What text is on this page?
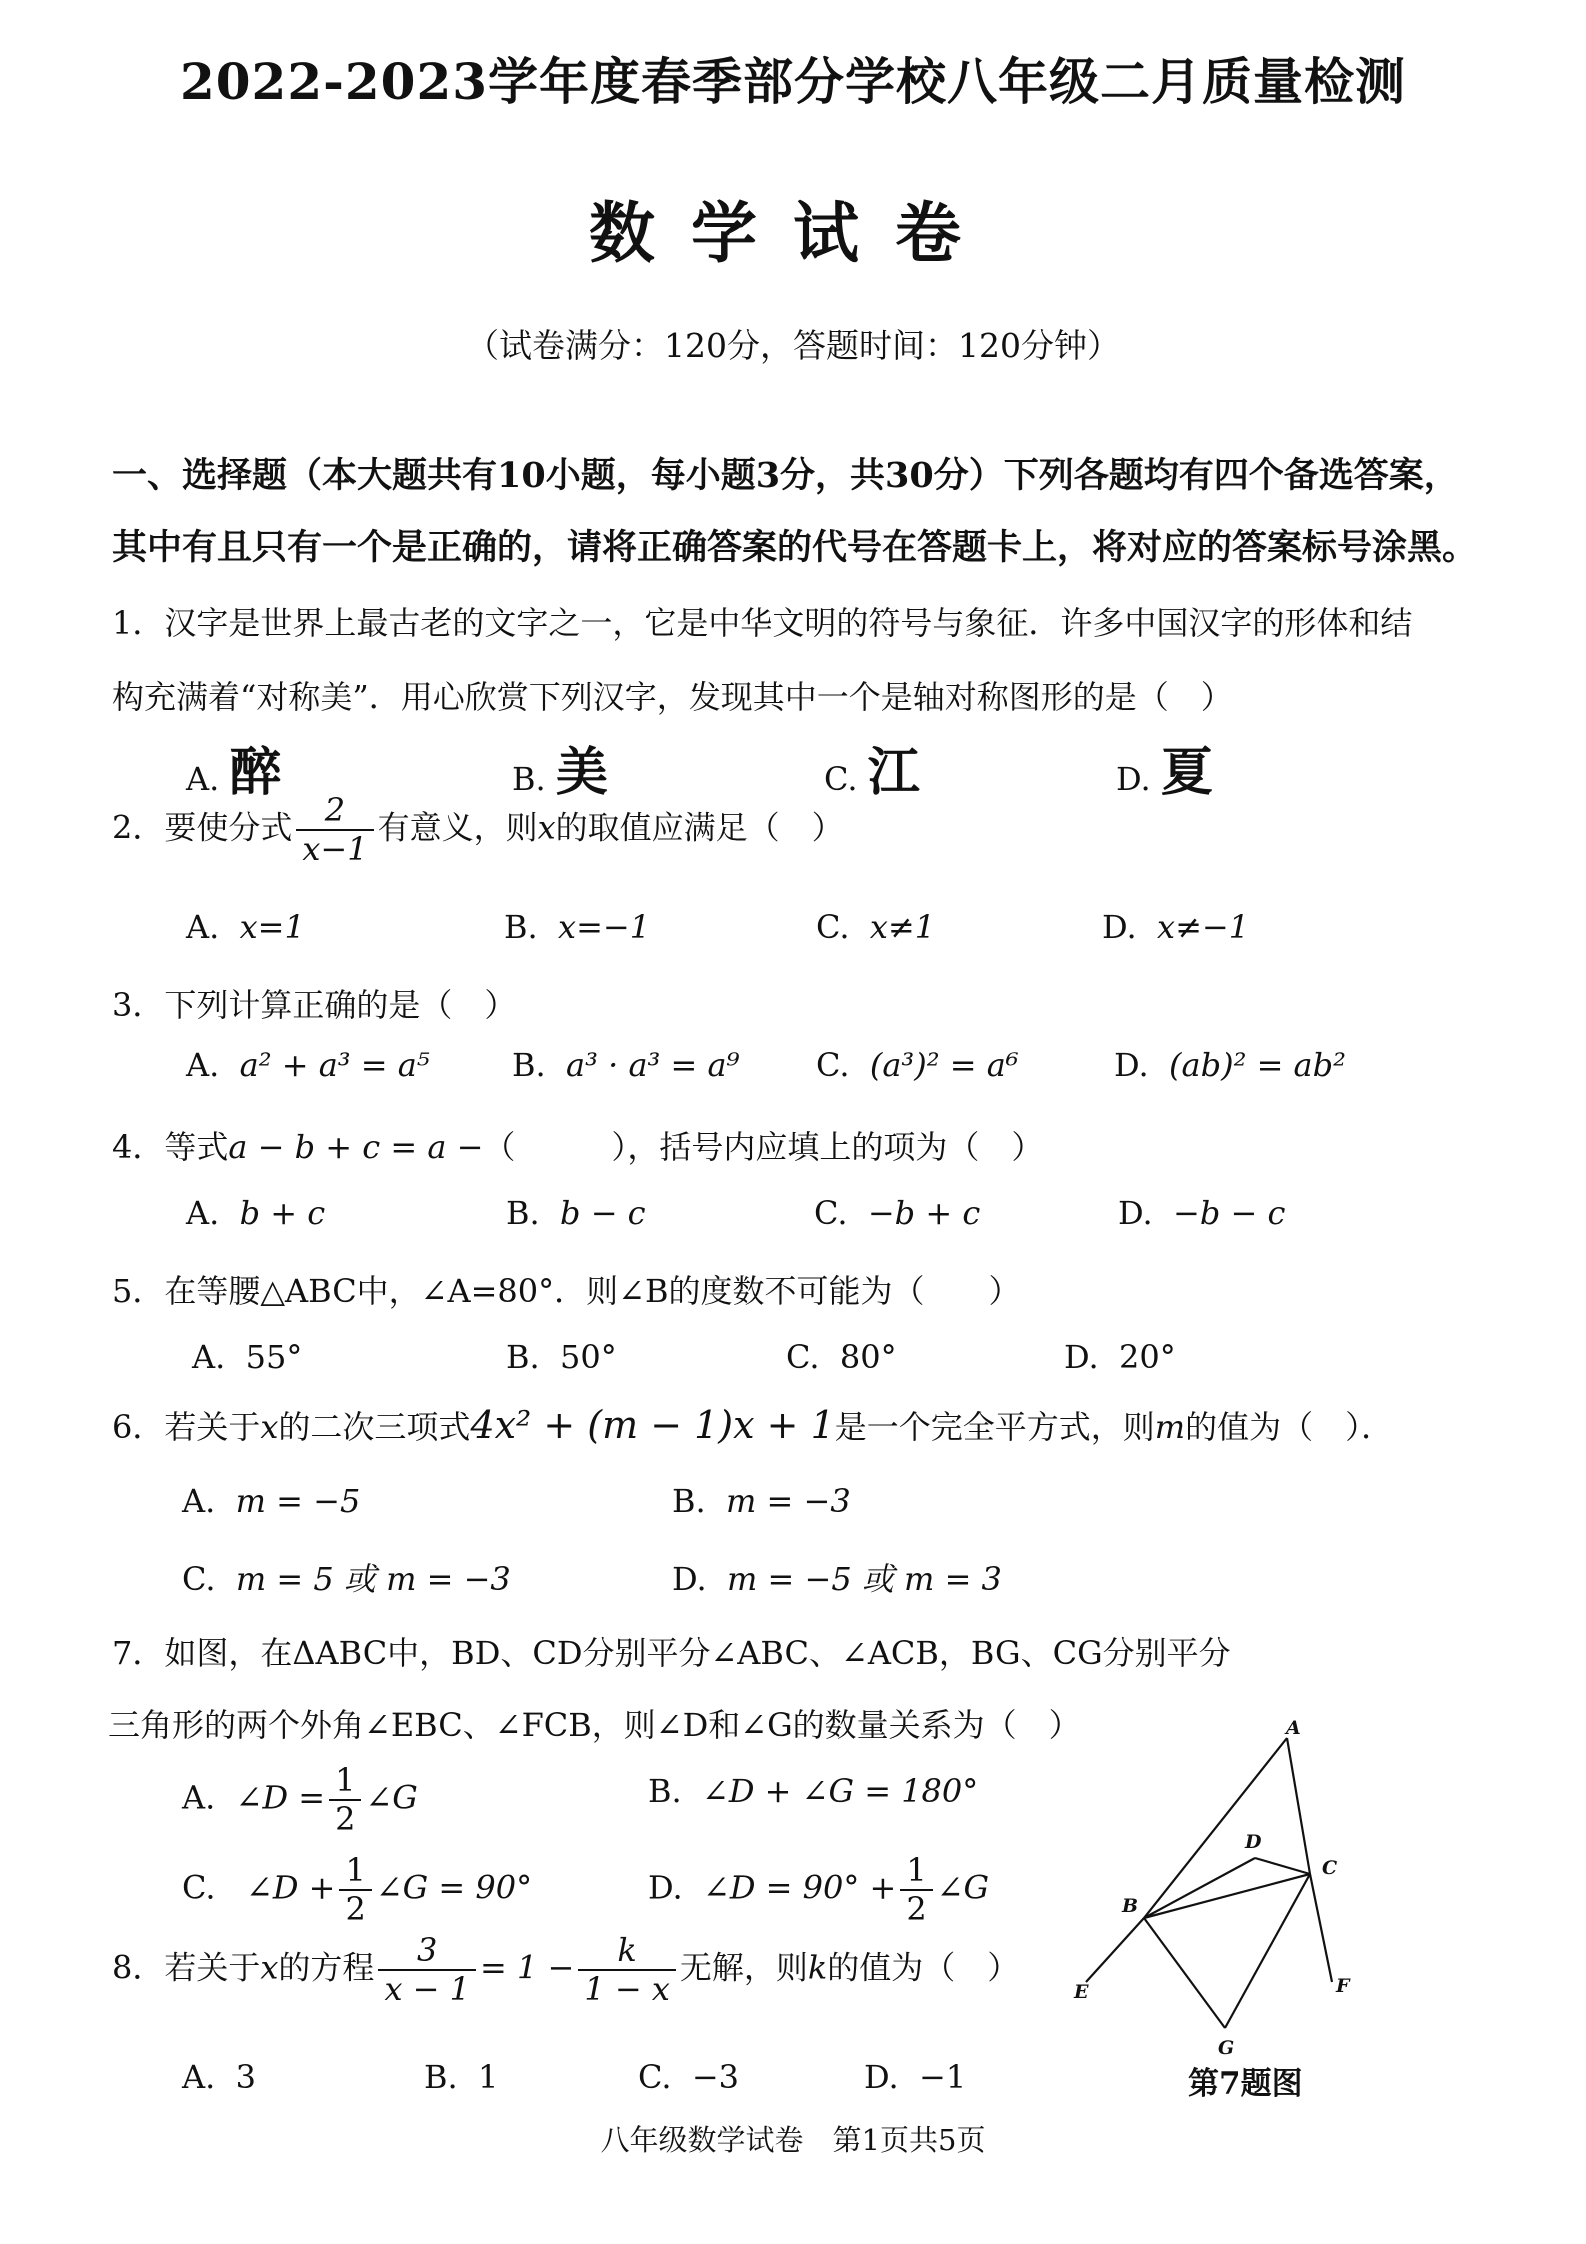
2022-2023学年度春季部分学校八年级二月质量检测
数学试卷
（试卷满分：120分，答题时间：120分钟）
一、选择题（本大题共有10小题，每小题3分，共30分）下列各题均有四个备选答案，
其中有且只有一个是正确的，请将正确答案的代号在答题卡上，将对应的答案标号涂黑。
1．汉字是世界上最古老的文字之一，它是中华文明的符号与象征．许多中国汉字的形体和结
构充满着“对称美”．用心欣赏下列汉字，发现其中一个是轴对称图形的是（　）
A. 醉	B. 美	C. 江	D. 夏
2．要使分式 $\frac{2}{x-1}$ 有意义，则x的取值应满足（　）
A. x=1	B. x=−1	C. x≠1	D. x≠−1
3．下列计算正确的是（　）
A. a² + a³ = a⁵	B. a³ · a³ = a⁹ C. (a³)² = a⁶	D. (ab)² = ab²
4．等式a − b + c = a −（　　　），括号内应填上的项为（　）
A. b + c	B. b − c	C. −b + c	D. −b − c
5．在等腰△ABC中，∠A=80°．则∠B的度数不可能为（　　）
A. 55°	B. 50°	C. 80°	D. 20°
6．若关于x的二次三项式4x² + (m − 1)x + 1是一个完全平方式，则m的值为（　）．
A. m = −5	B. m = −3
C. m = 5 或 m = −3	D. m = −5 或 m = 3
7．如图，在ΔABC中，BD、CD分别平分∠ABC、∠ACB，BG、CG分别平分
三角形的两个外角∠EBC、∠FCB，则∠D和∠G的数量关系为（　）
A. ∠D = $\frac{1}{2}$ ∠G	B. ∠D + ∠G = 180°
C. ∠D + $\frac{1}{2}$ ∠G = 90°	D. ∠D = $90^\circ + \frac{1}{2}$ ∠G
A
D
C
B
E	F
G
第7题图
8．若关于x的方程 $\frac{3}{x - 1} = 1 - \frac{k}{1 - x}$ 无解，则k的值为（　）
A. 3	B. 1	C. −3	D. −1
八年级数学试卷　第1页共5页
